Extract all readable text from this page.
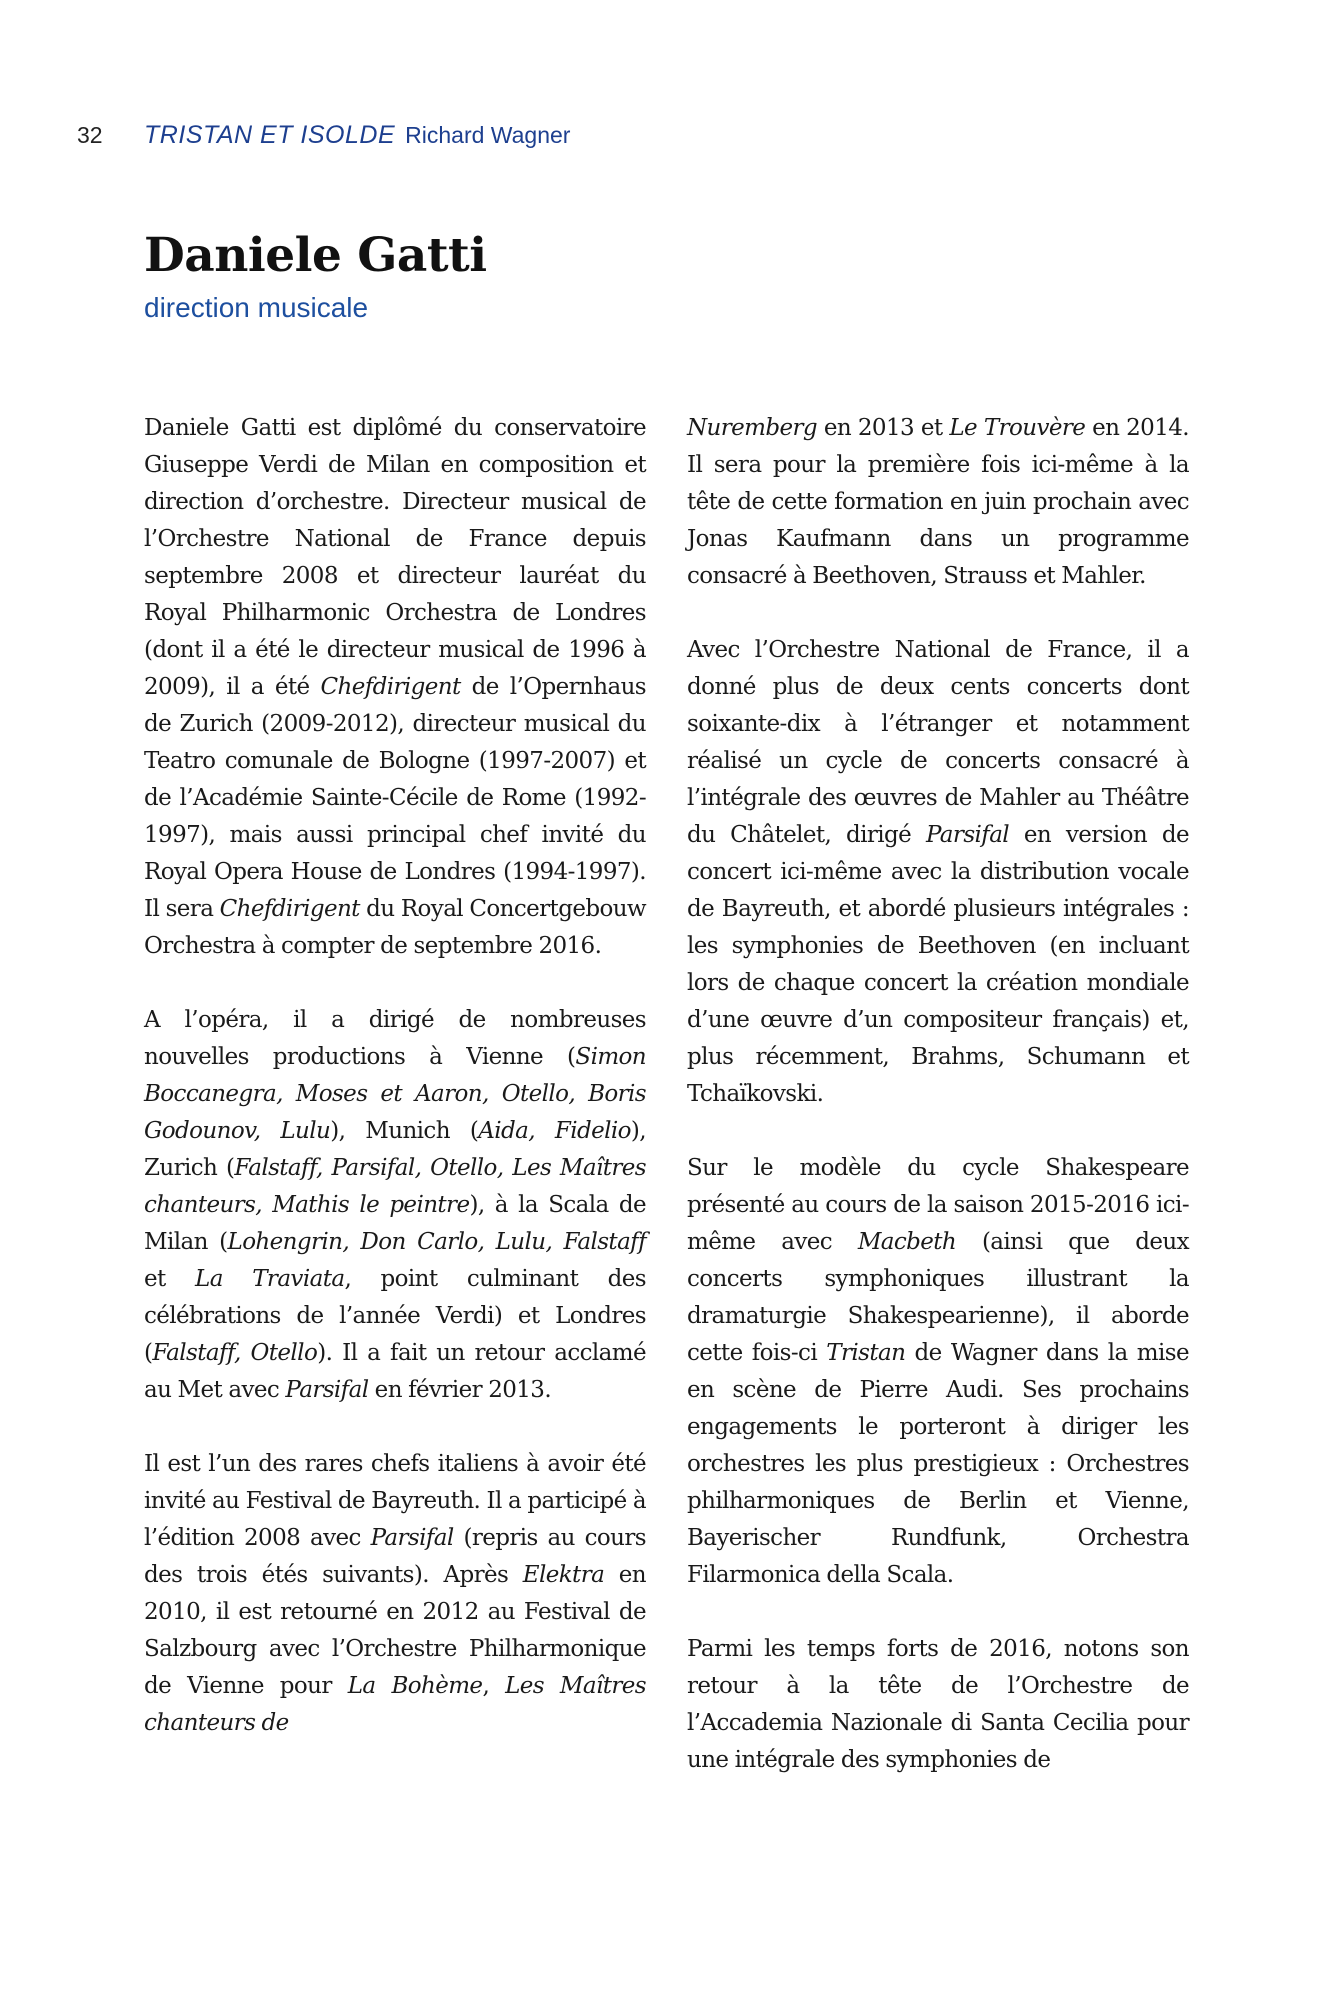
32 TRISTAN ET ISOLDE Richard Wagner
Daniele Gatti
direction musicale

Daniele Gatti est diplômé du conservatoire Giuseppe Verdi de Milan en composition et direction d’orchestre. Directeur musical de l’Orchestre National de France depuis septembre 2008 et directeur lauréat du Royal Philharmonic Orchestra de Londres (dont il a été le directeur musical de 1996 à 2009), il a été Chefdirigent de l’Opernhaus de Zurich (2009-2012), directeur musical du Teatro comunale de Bologne (1997-2007) et de l’Académie Sainte-Cécile de Rome (1992-1997), mais aussi principal chef invité du Royal Opera House de Londres (1994-1997). Il sera Chefdirigent du Royal Concertgebouw Orchestra à compter de septembre 2016.

A l’opéra, il a dirigé de nombreuses nouvelles productions à Vienne (Simon Boccanegra, Moses et Aaron, Otello, Boris Godounov, Lulu), Munich (Aida, Fidelio), Zurich (Falstaff, Parsifal, Otello, Les Maîtres chanteurs, Mathis le peintre), à la Scala de Milan (Lohengrin, Don Carlo, Lulu, Falstaff et La Traviata, point culminant des célébrations de l’année Verdi) et Londres (Falstaff, Otello). Il a fait un retour acclamé au Met avec Parsifal en février 2013.

Il est l’un des rares chefs italiens à avoir été invité au Festival de Bayreuth. Il a participé à l’édition 2008 avec Parsifal (repris au cours des trois étés suivants). Après Elektra en 2010, il est retourné en 2012 au Festival de Salzbourg avec l’Orchestre Philharmonique de Vienne pour La Bohème, Les Maîtres chanteurs de

Nuremberg en 2013 et Le Trouvère en 2014. Il sera pour la première fois ici-même à la tête de cette formation en juin prochain avec Jonas Kaufmann dans un programme consacré à Beethoven, Strauss et Mahler.

Avec l’Orchestre National de France, il a donné plus de deux cents concerts dont soixante-dix à l’étranger et notamment réalisé un cycle de concerts consacré à l’intégrale des œuvres de Mahler au Théâtre du Châtelet, dirigé Parsifal en version de concert ici-même avec la distribution vocale de Bayreuth, et abordé plusieurs intégrales : les symphonies de Beethoven (en incluant lors de chaque concert la création mondiale d’une œuvre d’un compositeur français) et, plus récemment, Brahms, Schumann et Tchaïkovski.

Sur le modèle du cycle Shakespeare présenté au cours de la saison 2015-2016 ici-même avec Macbeth (ainsi que deux concerts symphoniques illustrant la dramaturgie Shakespearienne), il aborde cette fois-ci Tristan de Wagner dans la mise en scène de Pierre Audi. Ses prochains engagements le porteront à diriger les orchestres les plus prestigieux : Orchestres philharmoniques de Berlin et Vienne, Bayerischer Rundfunk, Orchestra Filarmonica della Scala.

Parmi les temps forts de 2016, notons son retour à la tête de l’Orchestre de l’Accademia Nazionale di Santa Cecilia pour une intégrale des symphonies de
